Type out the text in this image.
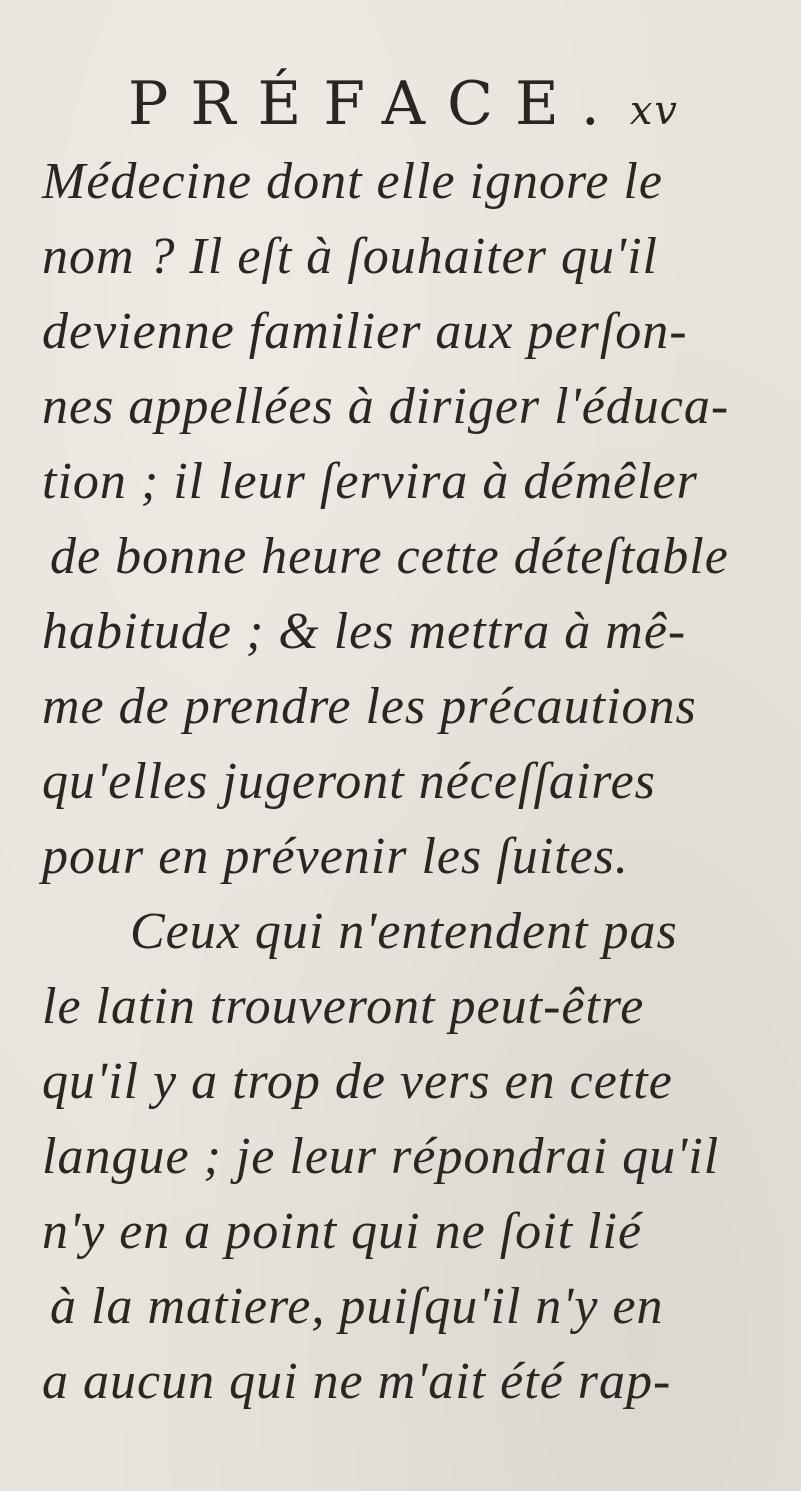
PRÉFACE. xv
Médecine dont elle ignore le
nom ? Il eſt à ſouhaiter qu'il
devienne familier aux perſon-
nes appellées à diriger l'éduca-
tion ; il leur ſervira à démêler
de bonne heure cette déteſtable
habitude ; & les mettra à mê-
me de prendre les précautions
qu'elles jugeront néceſſaires
pour en prévenir les ſuites.
Ceux qui n'entendent pas
le latin trouveront peut-être
qu'il y a trop de vers en cette
langue ; je leur répondrai qu'il
n'y en a point qui ne ſoit lié
à la matiere, puiſqu'il n'y en
a aucun qui ne m'ait été rap-
